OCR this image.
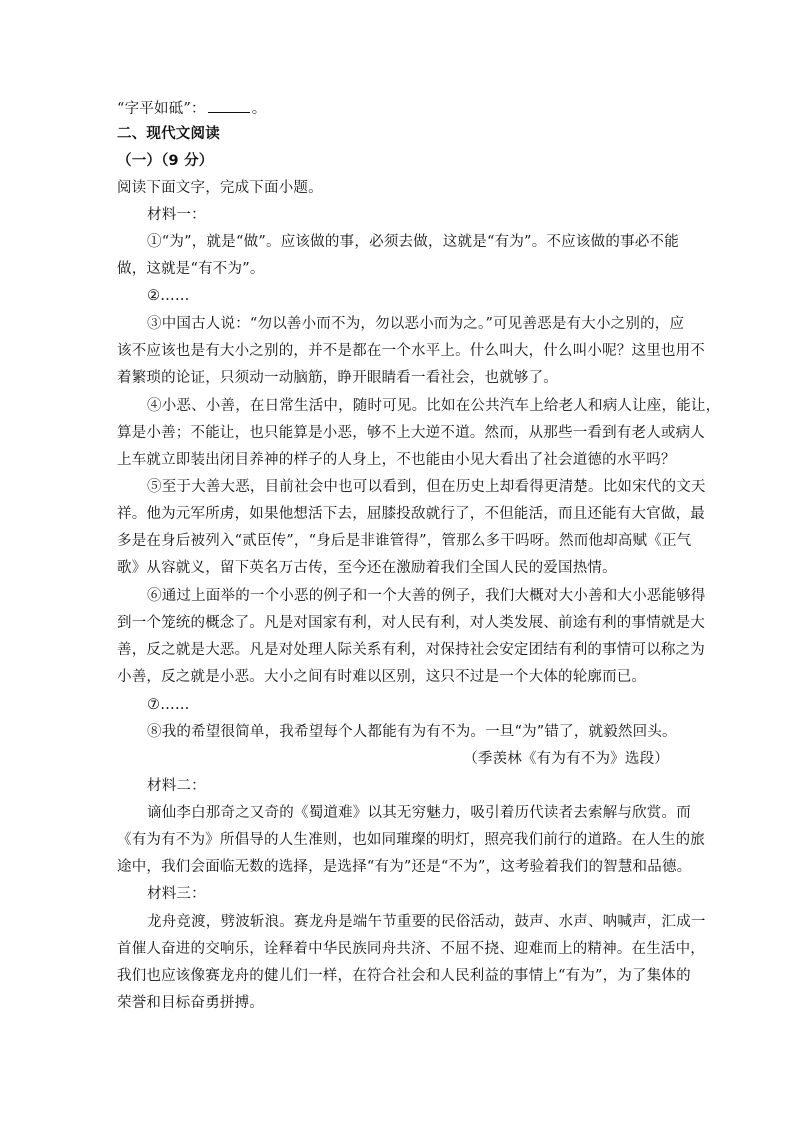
“字平如砥”：	。
二、现代文阅读
（一）（9 分）
阅读下面文字，完成下面小题。
材料一：
①“为”，就是“做”。应该做的事，必须去做，这就是“有为”。不应该做的事必不能
做，这就是“有不为”。
②……
③中国古人说：“勿以善小而不为，勿以恶小而为之。”可见善恶是有大小之别的，应
该不应该也是有大小之别的，并不是都在一个水平上。什么叫大，什么叫小呢？这里也用不
着繁琐的论证，只须动一动脑筋，睁开眼睛看一看社会，也就够了。
④小恶、小善，在日常生活中，随时可见。比如在公共汽车上给老人和病人让座，能让，
算是小善；不能让，也只能算是小恶，够不上大逆不道。然而，从那些一看到有老人或病人
上车就立即装出闭目养神的样子的人身上，不也能由小见大看出了社会道德的水平吗？
⑤至于大善大恶，目前社会中也可以看到，但在历史上却看得更清楚。比如宋代的文天
祥。他为元军所虏，如果他想活下去，屈膝投敌就行了，不但能活，而且还能有大官做，最
多是在身后被列入“贰臣传”，“身后是非谁管得”，管那么多干吗呀。然而他却高赋《正气
歌》从容就义，留下英名万古传，至今还在激励着我们全国人民的爱国热情。
⑥通过上面举的一个小恶的例子和一个大善的例子，我们大概对大小善和大小恶能够得
到一个笼统的概念了。凡是对国家有利，对人民有利，对人类发展、前途有利的事情就是大
善，反之就是大恶。凡是对处理人际关系有利，对保持社会安定团结有利的事情可以称之为
小善，反之就是小恶。大小之间有时难以区别，这只不过是一个大体的轮廓而已。
⑦……
⑧我的希望很简单，我希望每个人都能有为有不为。一旦“为”错了，就毅然回头。
（季羡林《有为有不为》选段）
材料二：
谪仙李白那奇之又奇的《蜀道难》以其无穷魅力，吸引着历代读者去索解与欣赏。而
《有为有不为》所倡导的人生准则，也如同璀璨的明灯，照亮我们前行的道路。在人生的旅
途中，我们会面临无数的选择，是选择“有为”还是“不为”，这考验着我们的智慧和品德。
材料三：
龙舟竞渡，劈波斩浪。赛龙舟是端午节重要的民俗活动，鼓声、水声、呐喊声，汇成一
首催人奋进的交响乐，诠释着中华民族同舟共济、不屈不挠、迎难而上的精神。在生活中，
我们也应该像赛龙舟的健儿们一样，在符合社会和人民利益的事情上“有为”，为了集体的
荣誉和目标奋勇拼搏。
